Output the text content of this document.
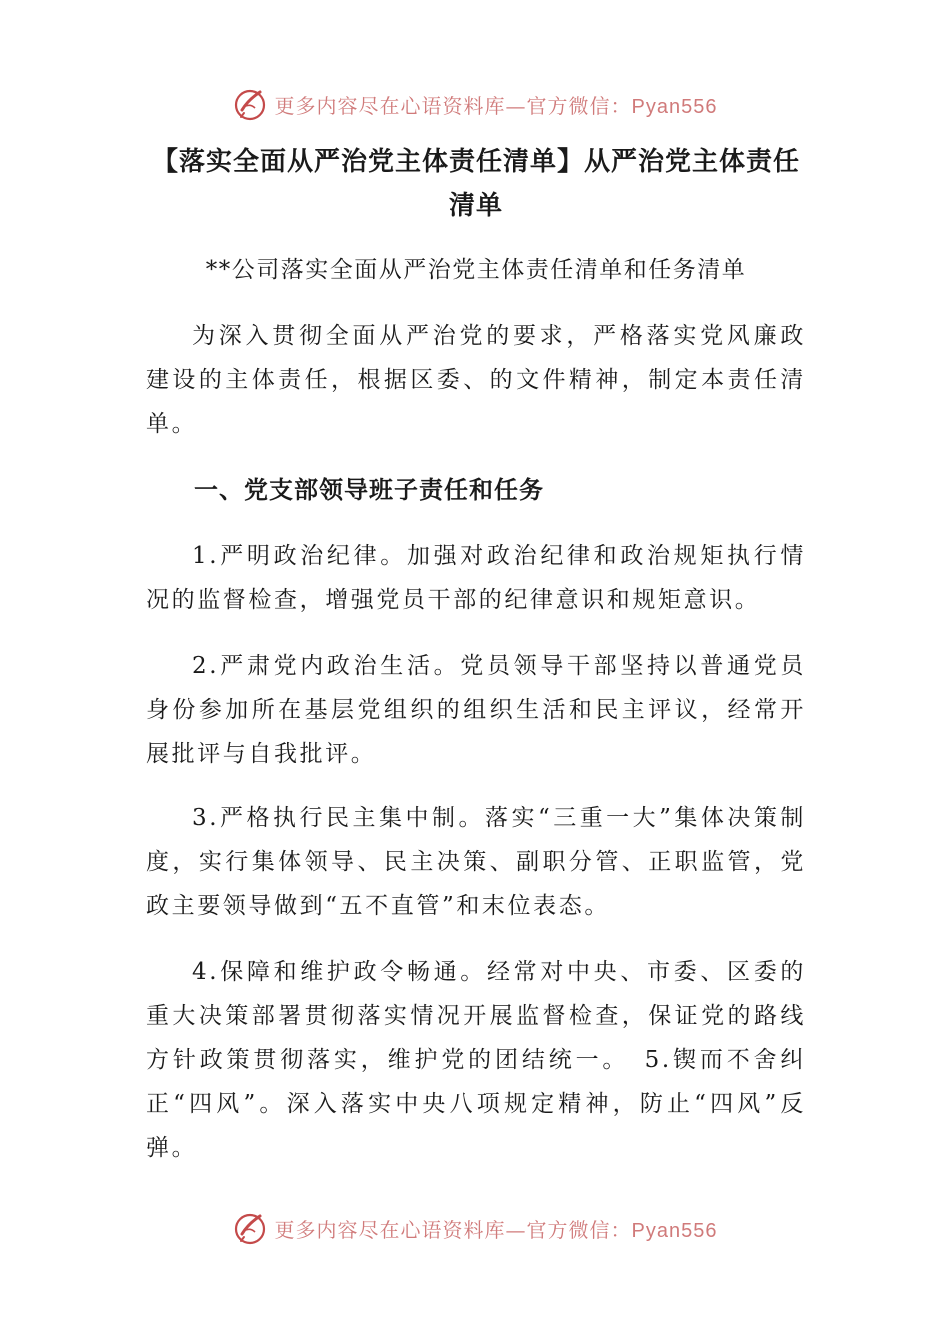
更多内容尽在心语资料库—官方微信：Pyan556
【落实全面从严治党主体责任清单】从严治党主体责任清单

**公司落实全面从严治党主体责任清单和任务清单

为深入贯彻全面从严治党的要求，严格落实党风廉政建设的主体责任，根据区委、的文件精神，制定本责任清单。

一、党支部领导班子责任和任务

1.严明政治纪律。加强对政治纪律和政治规矩执行情况的监督检查，增强党员干部的纪律意识和规矩意识。

2.严肃党内政治生活。党员领导干部坚持以普通党员身份参加所在基层党组织的组织生活和民主评议，经常开展批评与自我批评。

3.严格执行民主集中制。落实“三重一大”集体决策制度，实行集体领导、民主决策、副职分管、正职监管，党政主要领导做到“五不直管”和末位表态。

4.保障和维护政令畅通。经常对中央、市委、区委的重大决策部署贯彻落实情况开展监督检查，保证党的路线方针政策贯彻落实，维护党的团结统一。　5.锲而不舍纠正“四风”。深入落实中央八项规定精神，防止“四风”反弹。

更多内容尽在心语资料库—官方微信：Pyan556
